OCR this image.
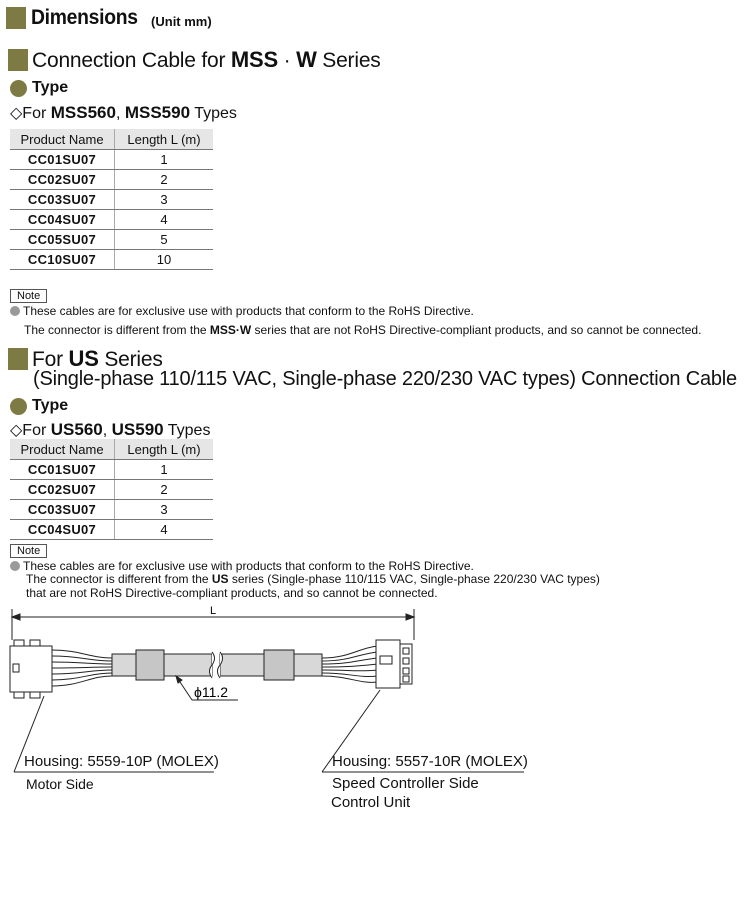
Dimensions (Unit mm)
Connection Cable for MSS · W Series
Type
◇For MSS560, MSS590 Types
Product Name	Length L (m)
CC01SU07	1
CC02SU07	2
CC03SU07	3
CC04SU07	4
CC05SU07	5
CC10SU07	10
Note
These cables are for exclusive use with products that conform to the RoHS Directive.
The connector is different from the MSS·W series that are not RoHS Directive-compliant products, and so cannot be connected.
For US Series
(Single-phase 110/115 VAC, Single-phase 220/230 VAC types) Connection Cable
Type
◇For US560, US590 Types
Product Name	Length L (m)
CC01SU07	1
CC02SU07	2
CC03SU07	3
CC04SU07	4
Note
These cables are for exclusive use with products that conform to the RoHS Directive.
The connector is different from the US series (Single-phase 110/115 VAC, Single-phase 220/230 VAC types)
that are not RoHS Directive-compliant products, and so cannot be connected.
L
ϕ11.2
Housing: 5559-10P (MOLEX)
Motor Side
Housing: 5557-10R (MOLEX)
Speed Controller Side
Control Unit
